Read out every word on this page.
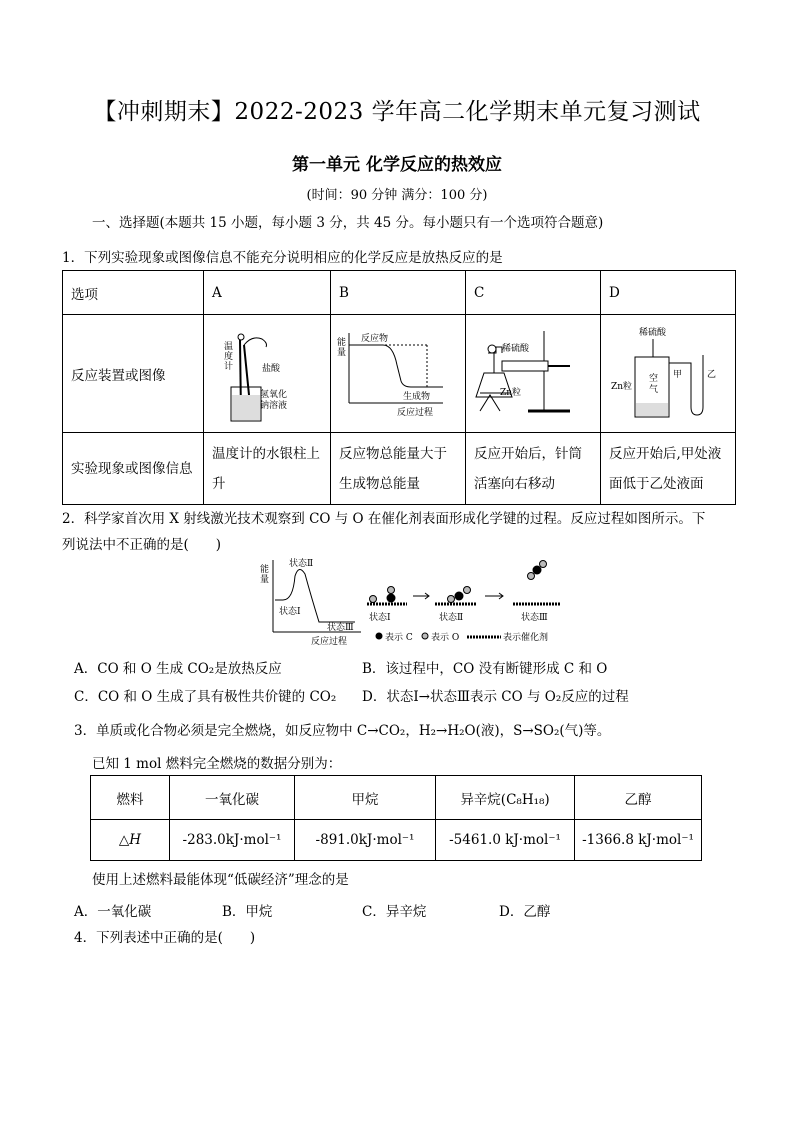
【冲刺期末】2022-2023 学年高二化学期末单元复习测试
第一单元 化学反应的热效应
(时间：90 分钟 满分：100 分)
一、选择题(本题共 15 小题，每小题 3 分，共 45 分。每小题只有一个选项符合题意)
1．下列实验现象或图像信息不能充分说明相应的化学反应是放热反应的是
选项	A	B	C	D
反应装置或图像	温度计 盐酸
氢氧化钠溶液	能量
反应物
生成物
反应过程	稀硫酸
Zn粒	稀硫酸
Zn粒
空气
甲 乙

实验现象或图像信息	温度计的水银柱上升	反应物总能量大于生成物总能量	反应开始后，针筒活塞向右移动	反应开始后,甲处液面低于乙处液面
2．科学家首次用 X 射线激光技术观察到 CO 与 O 在催化剂表面形成化学键的过程。反应过程如图所示。下
列说法中不正确的是(　　)
能量
状态Ⅱ
状态Ⅰ
状态Ⅲ
反应过程
状态Ⅰ	状态Ⅱ	状态Ⅲ
表示 C 表示 O	表示催化剂
A．CO 和 O 生成 CO₂是放热反应	B．该过程中，CO 没有断键形成 C 和 O
C．CO 和 O 生成了具有极性共价键的 CO₂ D．状态Ⅰ→状态Ⅲ表示 CO 与 O₂反应的过程
3．单质或化合物必须是完全燃烧，如反应物中 C→CO₂，H₂→H₂O(液)，S→SO₂(气)等。
已知 1 mol 燃料完全燃烧的数据分别为：
燃料	一氧化碳	甲烷	异辛烷(C₈H₁₈)	乙醇
△H	-283.0kJ·mol⁻¹	-891.0kJ·mol⁻¹	-5461.0 kJ·mol⁻¹	-1366.8 kJ·mol⁻¹
使用上述燃料最能体现“低碳经济”理念的是
A．一氧化碳	B．甲烷	C．异辛烷	D．乙醇
4．下列表述中正确的是(　　)
